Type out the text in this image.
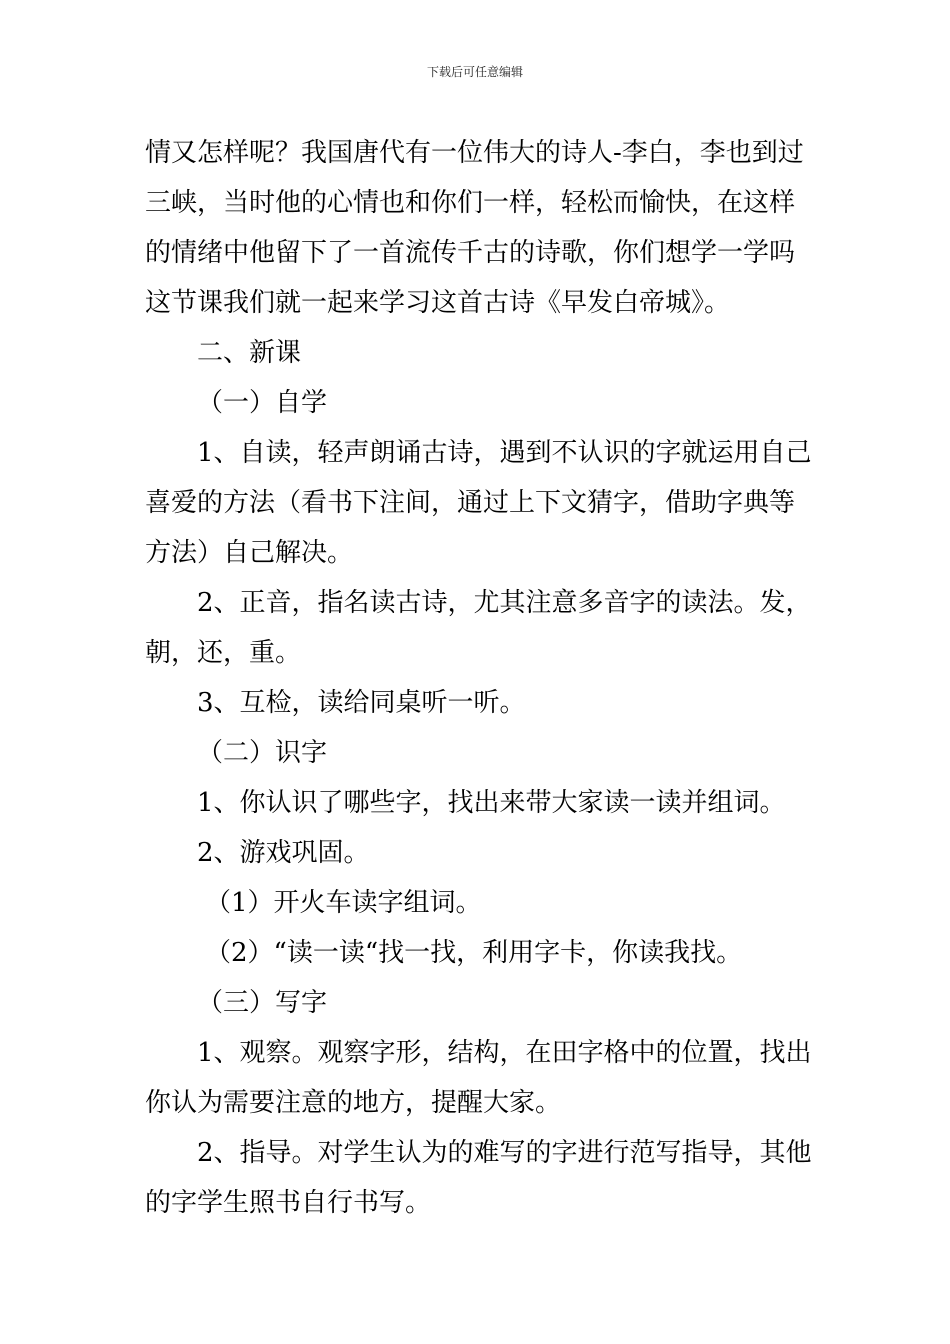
下载后可任意编辑
情又怎样呢？我国唐代有一位伟大的诗人-李白，李也到过
三峡，当时他的心情也和你们一样，轻松而愉快，在这样
的情绪中他留下了一首流传千古的诗歌，你们想学一学吗
这节课我们就一起来学习这首古诗《早发白帝城》。
二、新课
（一）自学
1、自读，轻声朗诵古诗，遇到不认识的字就运用自己
喜爱的方法（看书下注间，通过上下文猜字，借助字典等
方法）自己解决。
2、正音，指名读古诗，尤其注意多音字的读法。发，
朝，还，重。
3、互检，读给同桌听一听。
（二）识字
1、你认识了哪些字，找出来带大家读一读并组词。
2、游戏巩固。
（1）开火车读字组词。
（2）“读一读“找一找，利用字卡，你读我找。
（三）写字
1、观察。观察字形，结构，在田字格中的位置，找出
你认为需要注意的地方，提醒大家。
2、指导。对学生认为的难写的字进行范写指导，其他
的字学生照书自行书写。
